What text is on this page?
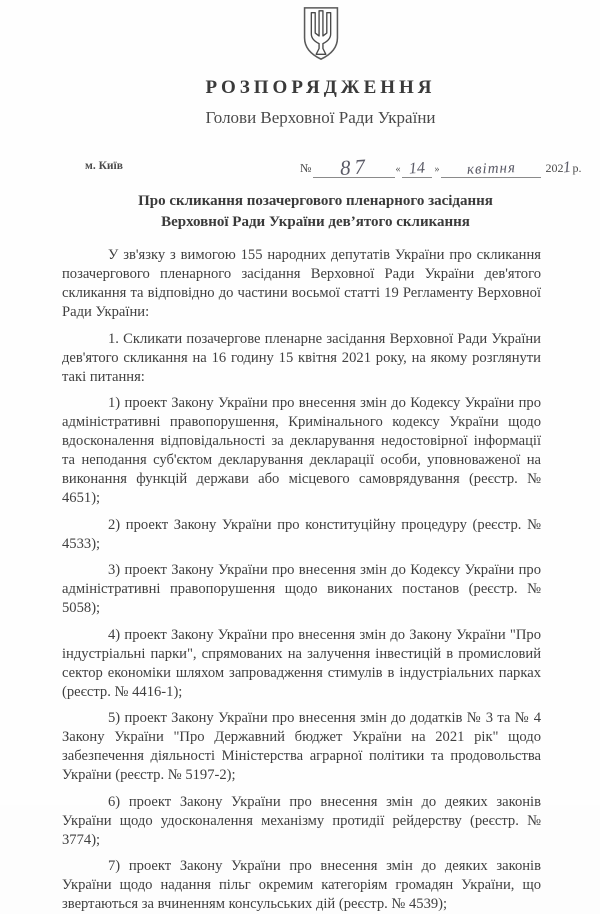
РОЗПОРЯДЖЕННЯ
Голови Верховної Ради України
м. Київ	№	87	« 14 »	квітня	2021р.
Про скликання позачергового пленарного засідання
Верховної Ради України дев’ятого скликання

У зв'язку з вимогою 155 народних депутатів України про скликання позачергового пленарного засідання Верховної Ради України дев'ятого скликання та відповідно до частини восьмої статті 19 Регламенту Верховної Ради України:

1. Скликати позачергове пленарне засідання Верховної Ради України дев'ятого скликання на 16 годину 15 квітня 2021 року, на якому розглянути такі питання:

1) проект Закону України про внесення змін до Кодексу України про адміністративні правопорушення, Кримінального кодексу України щодо вдосконалення відповідальності за декларування недостовірної інформації та неподання суб'єктом декларування декларації особи, уповноваженої на виконання функцій держави або місцевого самоврядування (реєстр. № 4651);

2) проект Закону України про конституційну процедуру (реєстр. № 4533);

3) проект Закону України про внесення змін до Кодексу України про адміністративні правопорушення щодо виконаних постанов (реєстр. № 5058);

4) проект Закону України про внесення змін до Закону України "Про індустріальні парки", спрямованих на залучення інвестицій в промисловий сектор економіки шляхом запровадження стимулів в індустріальних парках (реєстр. № 4416-1);

5) проект Закону України про внесення змін до додатків № 3 та № 4 Закону України "Про Державний бюджет України на 2021 рік" щодо забезпечення діяльності Міністерства аграрної політики та продовольства України (реєстр. № 5197-2);

6) проект Закону України про внесення змін до деяких законів України щодо удосконалення механізму протидії рейдерству (реєстр. № 3774);

7) проект Закону України про внесення змін до деяких законів України щодо надання пільг окремим категоріям громадян України, що звертаються за вчиненням консульських дій (реєстр. № 4539);
